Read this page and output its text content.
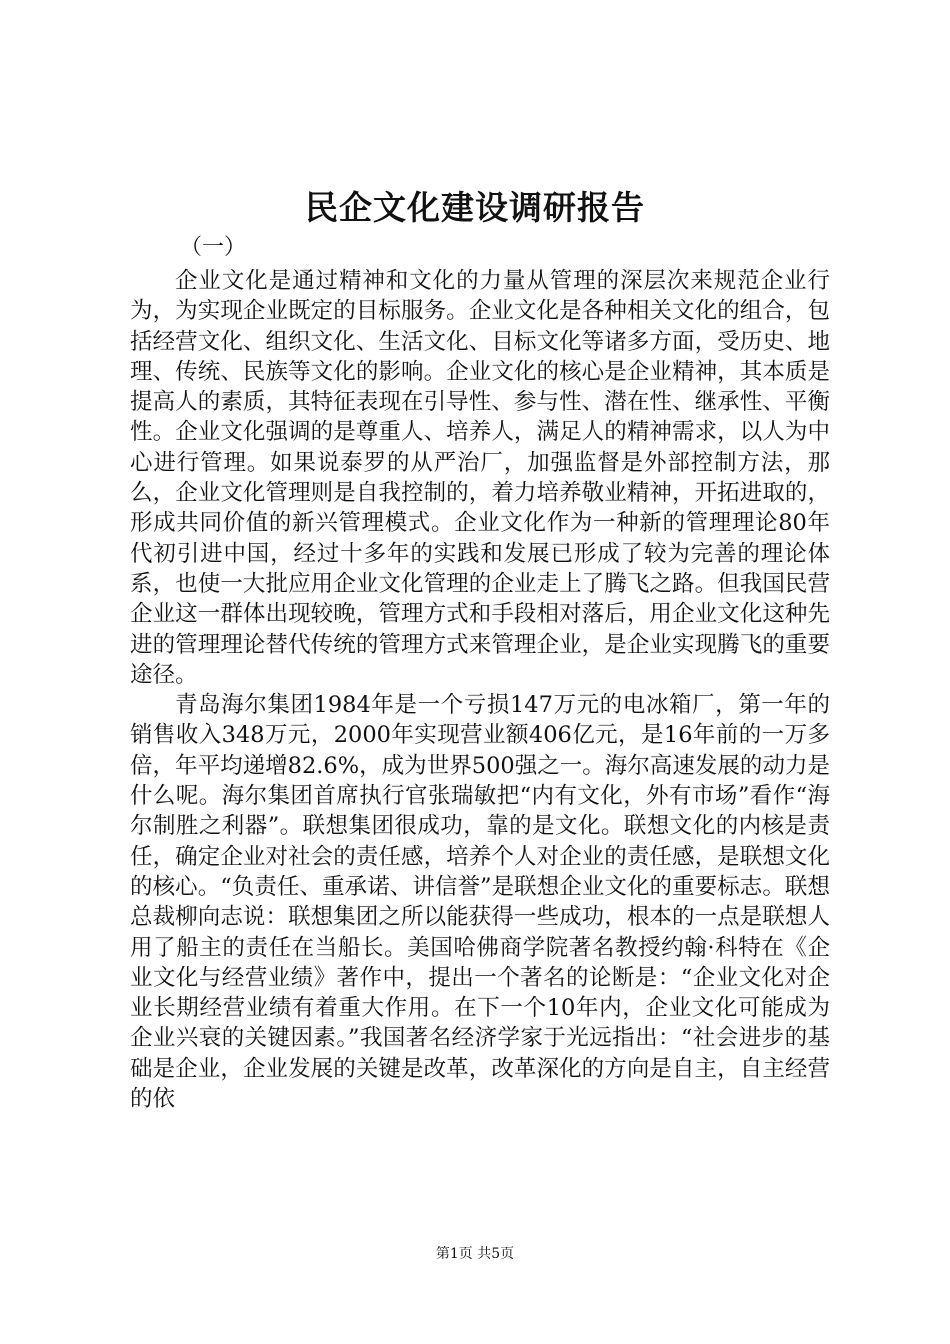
民企文化建设调研报告
（一）

企业文化是通过精神和文化的力量从管理的深层次来规范企业行为，为实现企业既定的目标服务。企业文化是各种相关文化的组合，包括经营文化、组织文化、生活文化、目标文化等诸多方面，受历史、地理、传统、民族等文化的影响。企业文化的核心是企业精神，其本质是提高人的素质，其特征表现在引导性、参与性、潜在性、继承性、平衡性。企业文化强调的是尊重人、培养人，满足人的精神需求，以人为中心进行管理。如果说泰罗的从严治厂，加强监督是外部控制方法，那么，企业文化管理则是自我控制的，着力培养敬业精神，开拓进取的，形成共同价值的新兴管理模式。企业文化作为一种新的管理理论80年代初引进中国，经过十多年的实践和发展已形成了较为完善的理论体系，也使一大批应用企业文化管理的企业走上了腾飞之路。但我国民营企业这一群体出现较晚，管理方式和手段相对落后，用企业文化这种先进的管理理论替代传统的管理方式来管理企业，是企业实现腾飞的重要途径。

青岛海尔集团1984年是一个亏损147万元的电冰箱厂，第一年的销售收入348万元，2000年实现营业额406亿元，是16年前的一万多倍，年平均递增82.6%，成为世界500强之一。海尔高速发展的动力是什么呢。海尔集团首席执行官张瑞敏把“内有文化，外有市场”看作“海尔制胜之利器”。联想集团很成功，靠的是文化。联想文化的内核是责任，确定企业对社会的责任感，培养个人对企业的责任感，是联想文化的核心。“负责任、重承诺、讲信誉”是联想企业文化的重要标志。联想总裁柳向志说：联想集团之所以能获得一些成功，根本的一点是联想人用了船主的责任在当船长。美国哈佛商学院著名教授约翰·科特在《企业文化与经营业绩》著作中，提出一个著名的论断是：“企业文化对企业长期经营业绩有着重大作用。在下一个10年内，企业文化可能成为企业兴衰的关键因素。”我国著名经济学家于光远指出：“社会进步的基础是企业，企业发展的关键是改革，改革深化的方向是自主，自主经营的依

第1页 共5页
